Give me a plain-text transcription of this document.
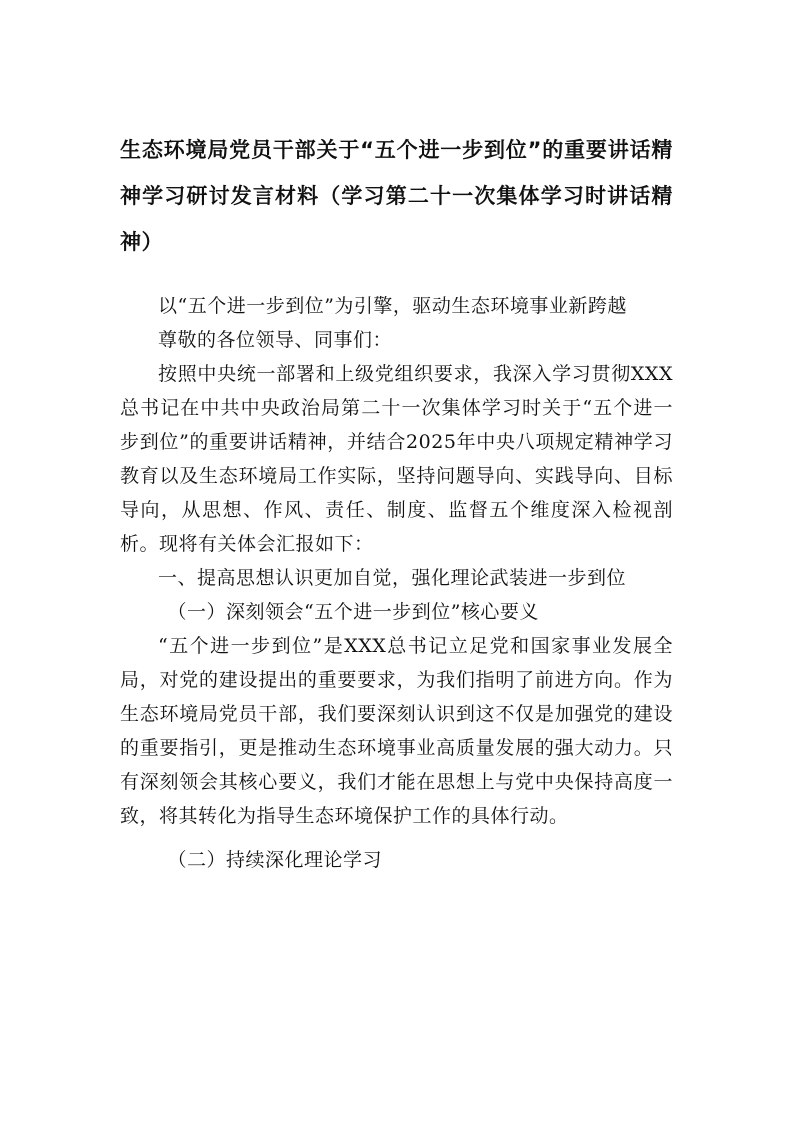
生态环境局党员干部关于“五个进一步到位”的重要讲话精神学习研讨发言材料（学习第二十一次集体学习时讲话精神）

以“五个进一步到位”为引擎，驱动生态环境事业新跨越

尊敬的各位领导、同事们：

按照中央统一部署和上级党组织要求，我深入学习贯彻XXX总书记在中共中央政治局第二十一次集体学习时关于“五个进一步到位”的重要讲话精神，并结合2025年中央八项规定精神学习教育以及生态环境局工作实际，坚持问题导向、实践导向、目标导向，从思想、作风、责任、制度、监督五个维度深入检视剖析。现将有关体会汇报如下：

一、提高思想认识更加自觉，强化理论武装进一步到位

（一）深刻领会“五个进一步到位”核心要义

“五个进一步到位”是XXX总书记立足党和国家事业发展全局，对党的建设提出的重要要求，为我们指明了前进方向。作为生态环境局党员干部，我们要深刻认识到这不仅是加强党的建设的重要指引，更是推动生态环境事业高质量发展的强大动力。只有深刻领会其核心要义，我们才能在思想上与党中央保持高度一致，将其转化为指导生态环境保护工作的具体行动。

（二）持续深化理论学习
